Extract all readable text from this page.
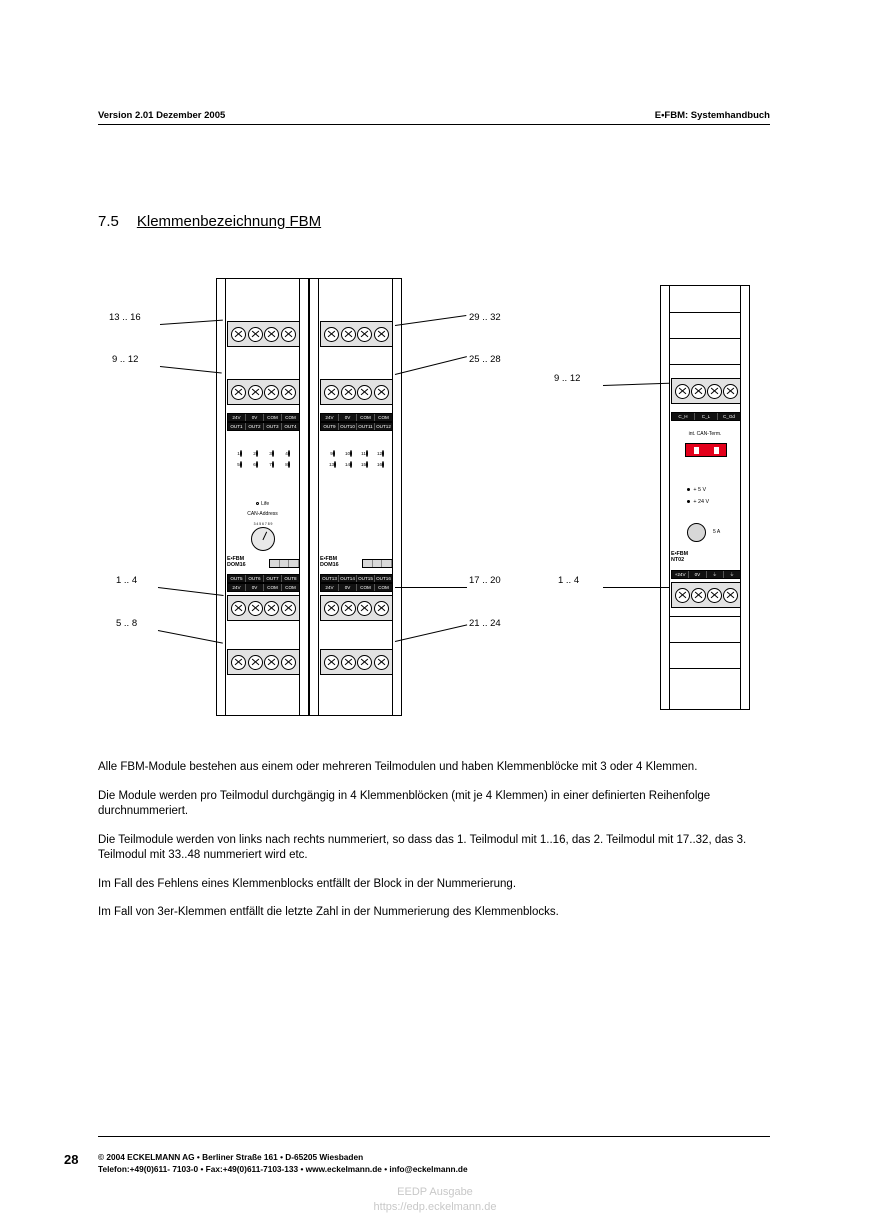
Version 2.01 Dezember 2005	E•FBM: Systemhandbuch
7.5 Klemmenbezeichnung FBM
24V	0V	COM	COM
OUT1	OUT2	OUT3	OUT4
1	2	3	4
5	6	7	8
Life
CAN-Address
3 4 5 6 7 8 9
E•FBM
DOM16
OUT5	OUT6	OUT7	OUT8
24V	0V	COM	COM
24V	0V	COM	COM
OUT9 OUT10 OUT11 OUT12
9	10	11	12
13	14	15	16
E•FBM
DOM16
OUT13 OUT14 OUT15 OUT16
24V	0V	COM	COM
C_H	C_L	C_Gd
int. CAN-Term.
+ 5 V
+ 24 V
5 A
E•FBM
NT02
+24V	0V	⏚	⏚
13 .. 16
9 .. 12
1 .. 4
5 .. 8
29 .. 32
25 .. 28
17 .. 20
21 .. 24
9 .. 12
1 .. 4

Alle FBM-Module bestehen aus einem oder mehreren Teilmodulen und haben Klemmenblöcke mit 3 oder 4 Klemmen.

Die Module werden pro Teilmodul durchgängig in 4 Klemmenblöcken (mit je 4 Klemmen) in einer definierten Reihenfolge durchnummeriert.

Die Teilmodule werden von links nach rechts nummeriert, so dass das 1. Teilmodul mit 1..16, das 2. Teilmodul mit 17..32, das 3. Teilmodul mit 33..48 nummeriert wird etc.

Im Fall des Fehlens eines Klemmenblocks entfällt der Block in der Nummerierung.

Im Fall von 3er-Klemmen entfällt die letzte Zahl in der Nummerierung des Klemmenblocks.

28 © 2004 ECKELMANN AG • Berliner Straße 161 • D-65205 Wiesbaden
Telefon:+49(0)611- 7103-0 • Fax:+49(0)611-7103-133 • www.eckelmann.de • info@eckelmann.de
EEDP Ausgabe
https://edp.eckelmann.de
